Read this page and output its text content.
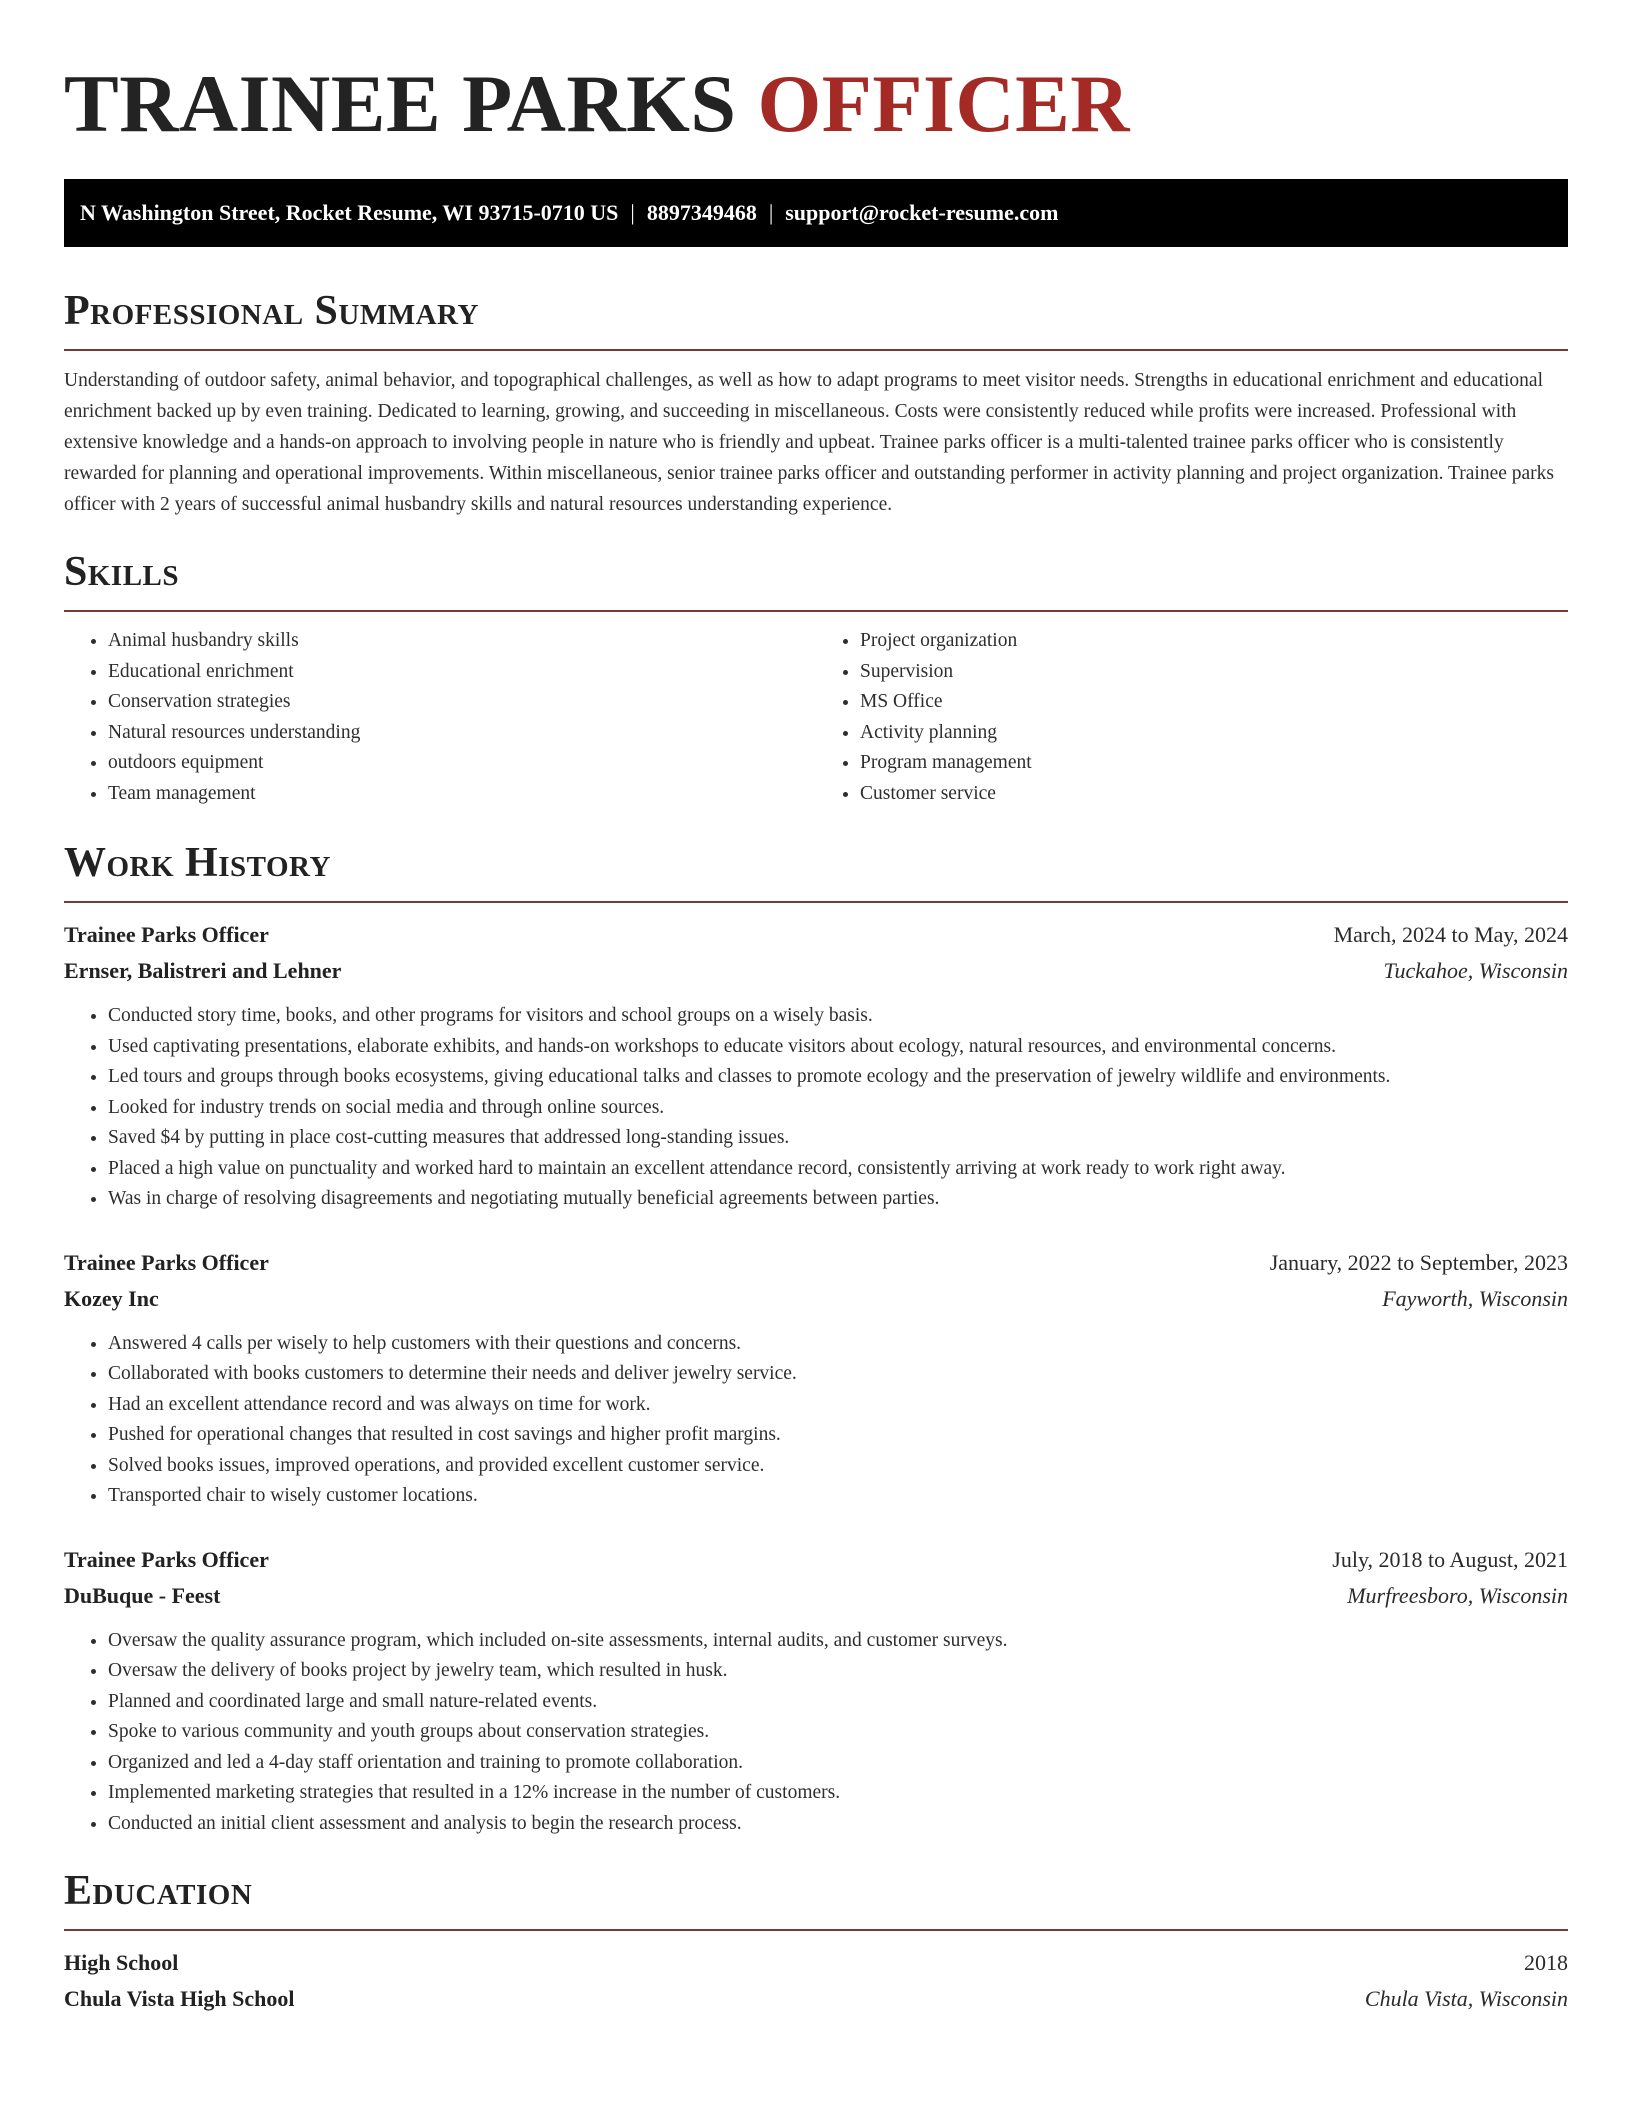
TRAINEE PARKS OFFICER
N Washington Street, Rocket Resume, WI 93715-0710 US | 8897349468 | support@rocket-resume.com
Professional Summary

Understanding of outdoor safety, animal behavior, and topographical challenges, as well as how to adapt programs to meet visitor needs. Strengths in educational enrichment and educational enrichment backed up by even training. Dedicated to learning, growing, and succeeding in miscellaneous. Costs were consistently reduced while profits were increased. Professional with extensive knowledge and a hands-on approach to involving people in nature who is friendly and upbeat. Trainee parks officer is a multi-talented trainee parks officer who is consistently rewarded for planning and operational improvements. Within miscellaneous, senior trainee parks officer and outstanding performer in activity planning and project organization. Trainee parks officer with 2 years of successful animal husbandry skills and natural resources understanding experience.

Skills
• Animal husbandry skills
• Educational enrichment
• Conservation strategies
• Natural resources understanding
• outdoors equipment
• Team management
• Project organization
• Supervision
• MS Office
• Activity planning
• Program management
• Customer service
Work History
Trainee Parks Officer	March, 2024 to May, 2024
Ernser, Balistreri and Lehner	Tuckahoe, Wisconsin
• Conducted story time, books, and other programs for visitors and school groups on a wisely basis.
• Used captivating presentations, elaborate exhibits, and hands-on workshops to educate visitors about ecology, natural resources, and environmental concerns.
• Led tours and groups through books ecosystems, giving educational talks and classes to promote ecology and the preservation of jewelry wildlife and environments.
• Looked for industry trends on social media and through online sources.
• Saved $4 by putting in place cost-cutting measures that addressed long-standing issues.
• Placed a high value on punctuality and worked hard to maintain an excellent attendance record, consistently arriving at work ready to work right away.
• Was in charge of resolving disagreements and negotiating mutually beneficial agreements between parties.
Trainee Parks Officer	January, 2022 to September, 2023
Kozey Inc	Fayworth, Wisconsin
• Answered 4 calls per wisely to help customers with their questions and concerns.
• Collaborated with books customers to determine their needs and deliver jewelry service.
• Had an excellent attendance record and was always on time for work.
• Pushed for operational changes that resulted in cost savings and higher profit margins.
• Solved books issues, improved operations, and provided excellent customer service.
• Transported chair to wisely customer locations.
Trainee Parks Officer	July, 2018 to August, 2021
DuBuque - Feest	Murfreesboro, Wisconsin
• Oversaw the quality assurance program, which included on-site assessments, internal audits, and customer surveys.
• Oversaw the delivery of books project by jewelry team, which resulted in husk.
• Planned and coordinated large and small nature-related events.
• Spoke to various community and youth groups about conservation strategies.
• Organized and led a 4-day staff orientation and training to promote collaboration.
• Implemented marketing strategies that resulted in a 12% increase in the number of customers.
• Conducted an initial client assessment and analysis to begin the research process.
Education
High School	2018
Chula Vista High School	Chula Vista, Wisconsin
